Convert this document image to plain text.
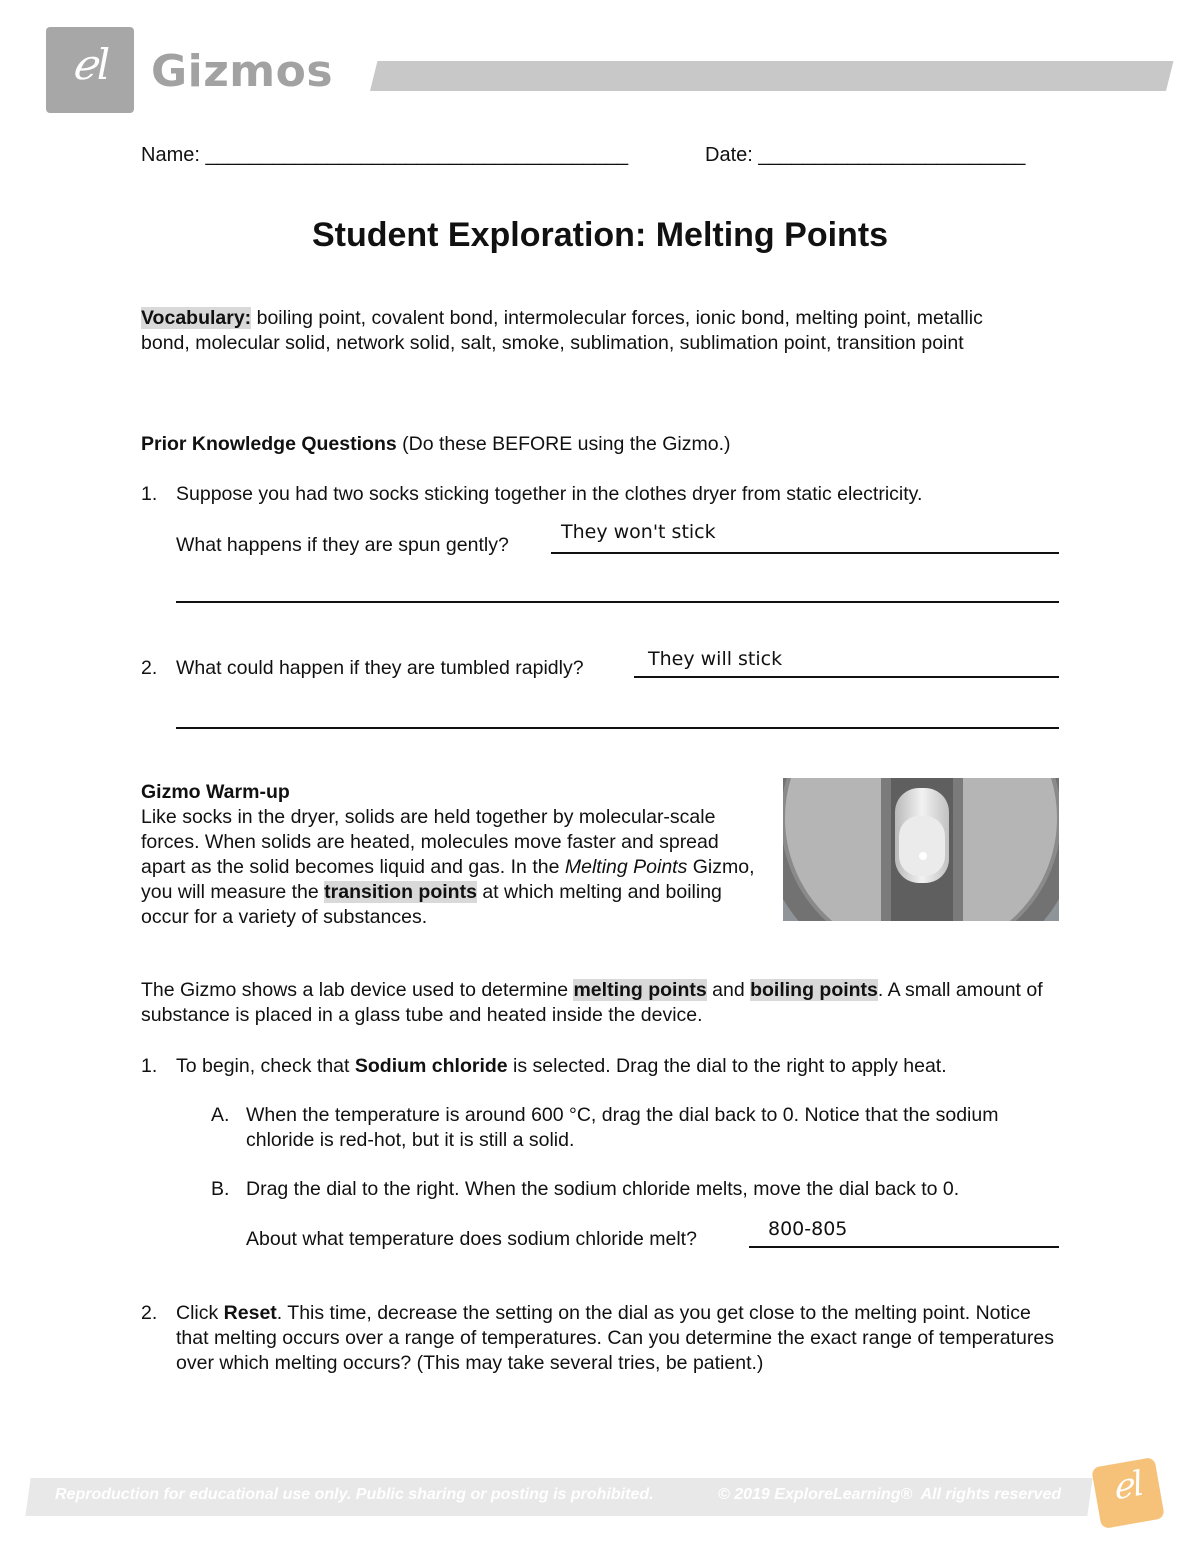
ℯl Gizmos
Name: ______________________________________	Date: ________________________
Student Exploration: Melting Points
Vocabulary: boiling point, covalent bond, intermolecular forces, ionic bond, melting point, metallic bond, molecular solid, network solid, salt, smoke, sublimation, sublimation point, transition point
Prior Knowledge Questions (Do these BEFORE using the Gizmo.)
1. Suppose you had two socks sticking together in the clothes dryer from static electricity.
What happens if they are spun gently?
They won't stick
2. What could happen if they are tumbled rapidly?	They will stick
Gizmo Warm-up
Like socks in the dryer, solids are held together by molecular-scale forces. When solids are heated, molecules move faster and spread apart as the solid becomes liquid and gas. In the Melting Points Gizmo, you will measure the transition points at which melting and boiling occur for a variety of substances.
The Gizmo shows a lab device used to determine melting points and boiling points. A small amount of substance is placed in a glass tube and heated inside the device.
1. To begin, check that Sodium chloride is selected. Drag the dial to the right to apply heat.
A. When the temperature is around 600 °C, drag the dial back to 0. Notice that the sodium chloride is red-hot, but it is still a solid.
B. Drag the dial to the right. When the sodium chloride melts, move the dial back to 0.
About what temperature does sodium chloride melt?	800-805
2. Click Reset. This time, decrease the setting on the dial as you get close to the melting point. Notice that melting occurs over a range of temperatures. Can you determine the exact range of temperatures over which melting occurs? (This may take several tries, be patient.)
Reproduction for educational use only. Public sharing or posting is prohibited.	© 2019 ExploreLearning®  All rights reserved	ℯl
